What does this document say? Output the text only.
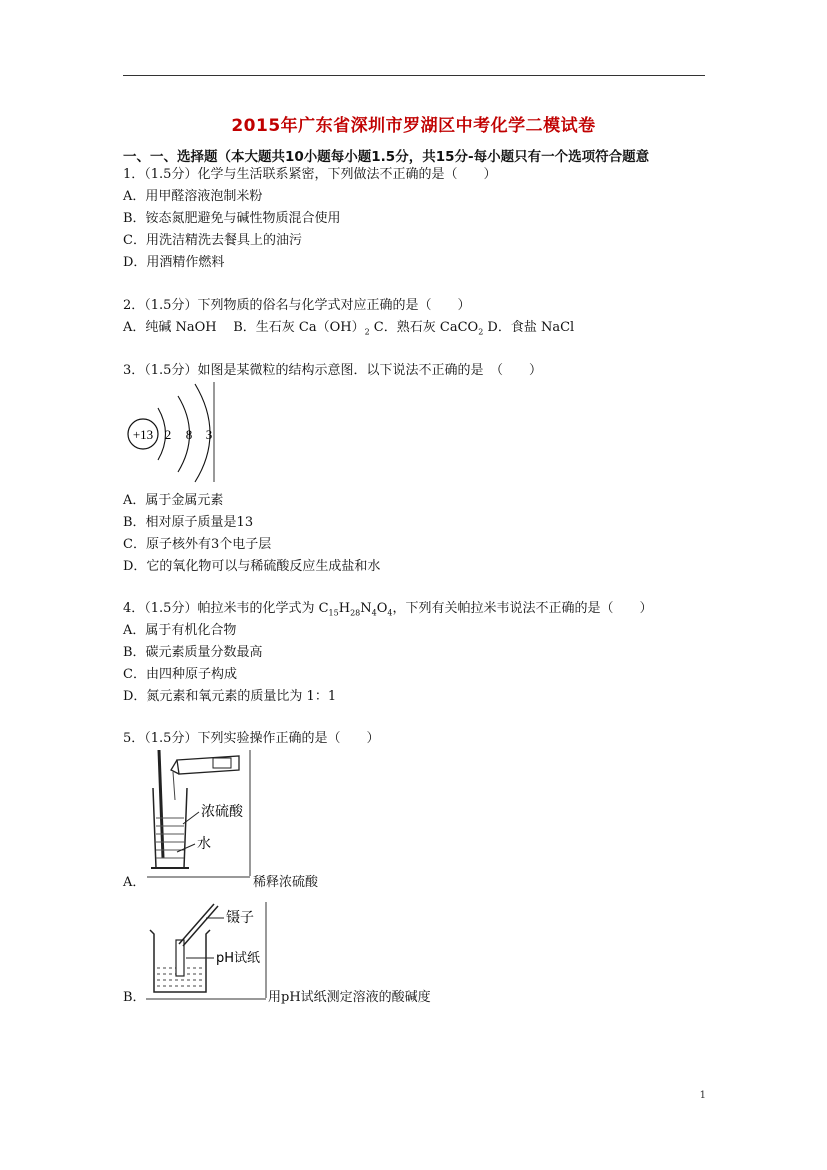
2015年广东省深圳市罗湖区中考化学二模试卷
一、一、选择题（本大题共10小题每小题1.5分，共15分-每小题只有一个选项符合题意
1．（1.5分）化学与生活联系紧密，下列做法不正确的是（　　）
A．用甲醛溶液泡制米粉
B．铵态氮肥避免与碱性物质混合使用
C．用洗洁精洗去餐具上的油污
D．用酒精作燃料
2．（1.5分）下列物质的俗名与化学式对应正确的是（　　）
A．纯碱 NaOH B．生石灰 $Ca(OH)_2$ C．熟石灰 CaCO$_2$ D．食盐 NaCl
3．（1.5分）如图是某微粒的结构示意图．以下说法不正确的是　（　　）
+13 2 8 3
A．属于金属元素
B．相对原子质量是13
C．原子核外有3个电子层
D．它的氧化物可以与稀硫酸反应生成盐和水
4．（1.5分）帕拉米韦的化学式为 $C_{15}H_{28}N_4O_4$，下列有关帕拉米韦说法不正确的是（　　）
A．属于有机化合物
B．碳元素质量分数最高
C．由四种原子构成
D．氮元素和氧元素的质量比为 1：1
5．（1.5分）下列实验操作正确的是（　　）
A．
浓硫酸
水
稀释浓硫酸
B．
镊子
pH试纸
用pH试纸测定溶液的酸碱度
1
